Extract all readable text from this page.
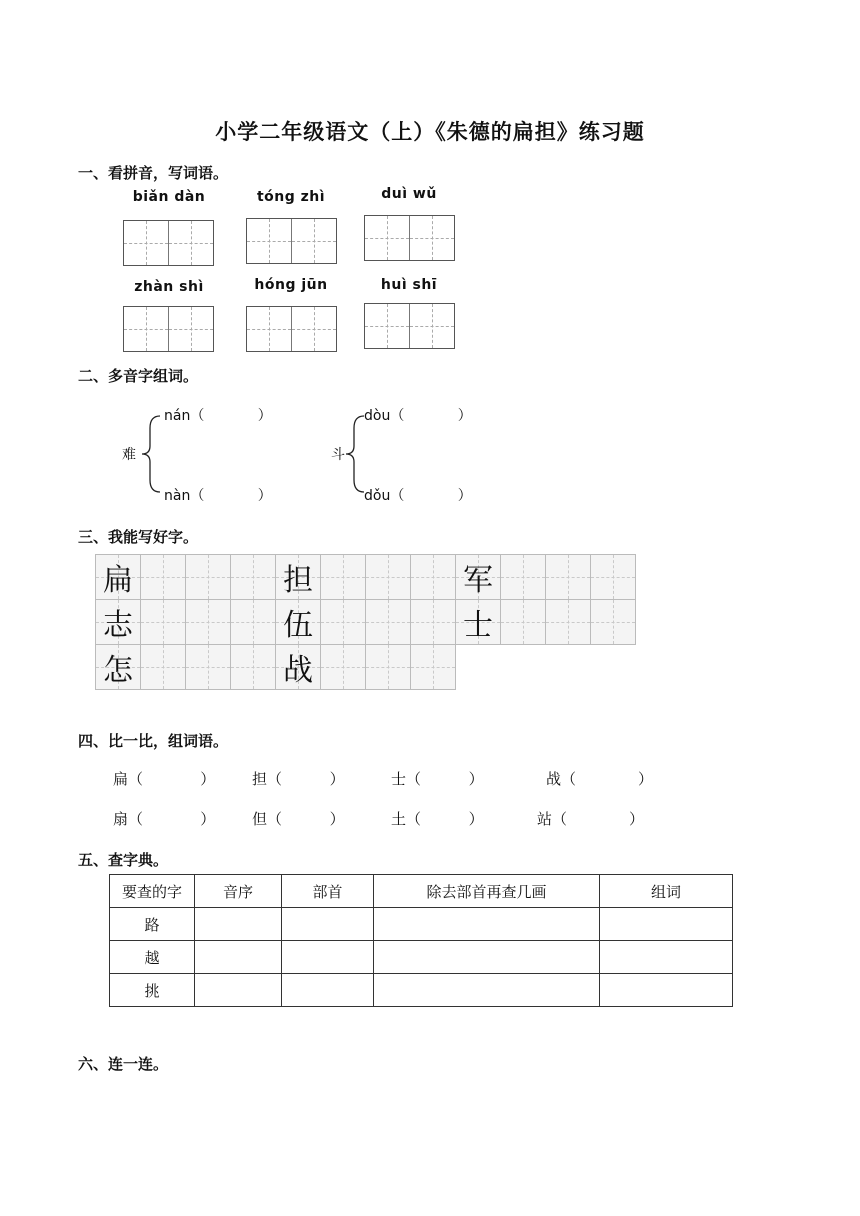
小学二年级语文（上）《朱德的扁担》练习题
一、看拼音，写词语。
biǎn dàn	tóng zhì	duì wǔ
zhàn shì	hóng jūn	huì shī
二、多音字组词。
难
nán（            ）
nàn（            ）
斗
dòu（            ）
dǒu（            ）
三、我能写好字。
扁	担	军
志	伍	士
怎	战
四、比一比，组词语。
扁（            ） 担（          ）	士（          ）	战（             ）
扇（            ） 但（          ）	土（          ）	站（             ）
五、查字典。
要查的字	音序	部首	除去部首再查几画	组词
路				
越				
挑				
六、连一连。
